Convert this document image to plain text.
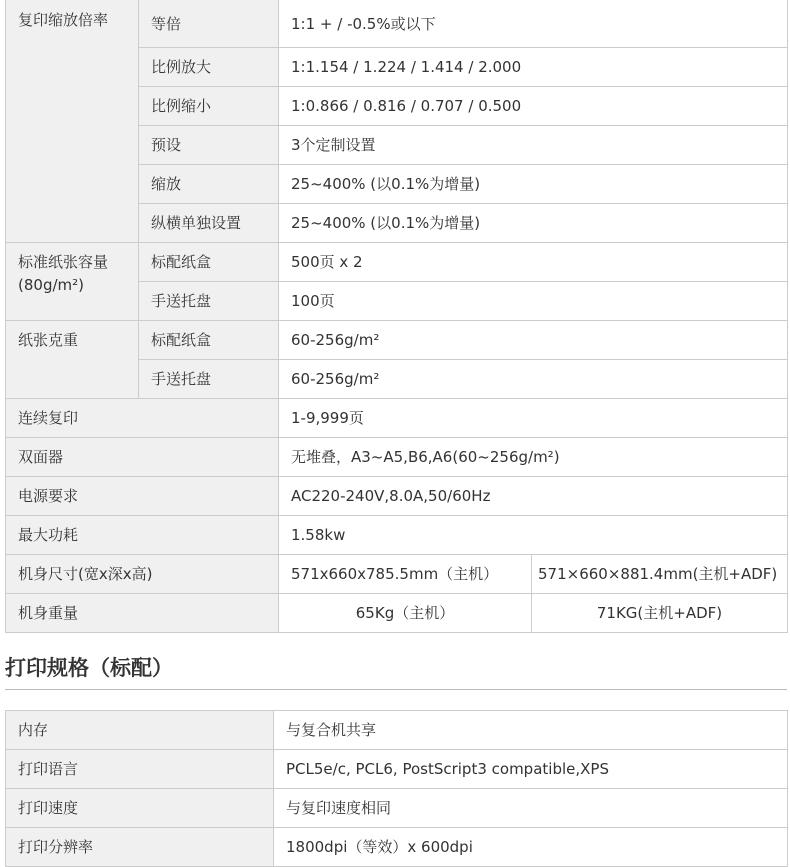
复印缩放倍率	等倍	1:1 + / -0.5%或以下	
	比例放大	1:1.154 / 1.224 / 1.414 / 2.000	
	比例缩小	1:0.866 / 0.816 / 0.707 / 0.500	
	预设	3个定制设置	
	缩放	25~400% (以0.1%为增量)	
	纵横单独设置	25~400% (以0.1%为增量)	

标准纸张容量
(80g/m²)	标配纸盒	500页 x 2	
	手送托盘	100页	
纸张克重	标配纸盒	60-256g/m²	
	手送托盘	60-256g/m²	
连续复印		1-9,999页	
双面器		无堆叠，A3~A5,B6,A6(60~256g/m²)	
电源要求		AC220-240V,8.0A,50/60Hz	
最大功耗		1.58kw	
机身尺寸(宽x深x高)		571x660x785.5mm（主机）	571×660×881.4mm(主机+ADF)
机身重量		65Kg（主机）	71KG(主机+ADF)
打印规格（标配）
内存	与复合机共享
打印语言	PCL5e/c, PCL6, PostScript3 compatible,XPS
打印速度	与复印速度相同
打印分辨率	1800dpi（等效）x 600dpi
